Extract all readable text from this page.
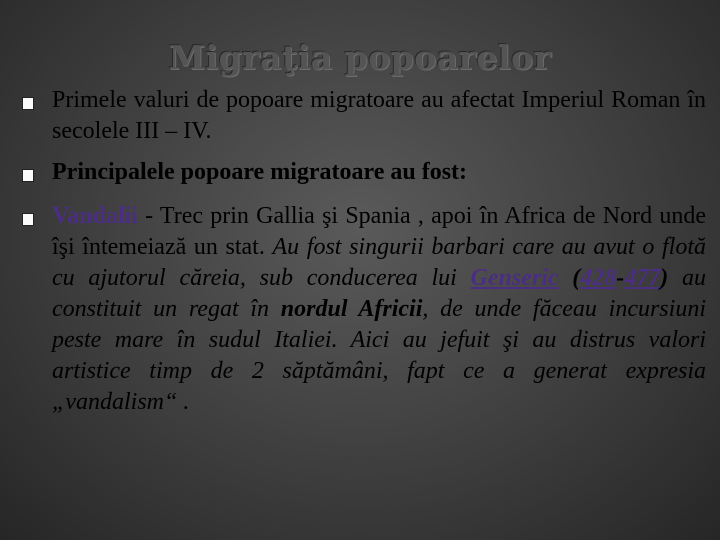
Migraţia popoarelor
Primele valuri de popoare migratoare au afectat Imperiul Roman în secolele III – IV.
Principalele popoare migratoare au fost:
Vandalii - Trec prin Gallia şi Spania , apoi în Africa de Nord unde îşi întemeiază un stat. Au fost singurii barbari care au avut o flotă cu ajutorul căreia, sub conducerea lui Genseric (428-477) au constituit un regat în nordul Africii, de unde făceau incursiuni peste mare în sudul Italiei. Aici au jefuit şi au distrus valori artistice timp de 2 săptămâni, fapt ce a generat expresia „vandalism“ .
